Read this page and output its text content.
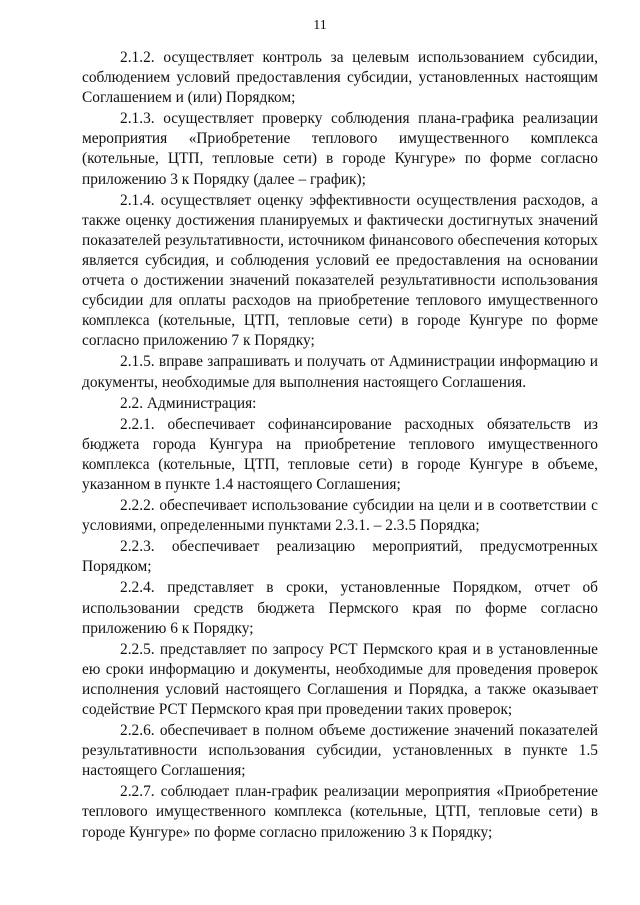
11

2.1.2. осуществляет контроль за целевым использованием субсидии, соблюдением условий предоставления субсидии, установленных настоящим Соглашением и (или) Порядком;

2.1.3. осуществляет проверку соблюдения плана-графика реализации мероприятия «Приобретение теплового имущественного комплекса (котельные, ЦТП, тепловые сети) в городе Кунгуре» по форме согласно приложению 3 к Порядку (далее – график);

2.1.4. осуществляет оценку эффективности осуществления расходов, а также оценку достижения планируемых и фактически достигнутых значений показателей результативности, источником финансового обеспечения которых является субсидия, и соблюдения условий ее предоставления на основании отчета о достижении значений показателей результативности использования субсидии для оплаты расходов на приобретение теплового имущественного комплекса (котельные, ЦТП, тепловые сети) в городе Кунгуре по форме согласно приложению 7 к Порядку;

2.1.5. вправе запрашивать и получать от Администрации информацию и документы, необходимые для выполнения настоящего Соглашения.

2.2. Администрация:

2.2.1. обеспечивает софинансирование расходных обязательств из бюджета города Кунгура на приобретение теплового имущественного комплекса (котельные, ЦТП, тепловые сети) в городе Кунгуре в объеме, указанном в пункте 1.4 настоящего Соглашения;

2.2.2. обеспечивает использование субсидии на цели и в соответствии с условиями, определенными пунктами 2.3.1. – 2.3.5 Порядка;

2.2.3. обеспечивает реализацию мероприятий, предусмотренных Порядком;

2.2.4. представляет в сроки, установленные Порядком, отчет об использовании средств бюджета Пермского края по форме согласно приложению 6 к Порядку;

2.2.5. представляет по запросу РСТ Пермского края и в установленные ею сроки информацию и документы, необходимые для проведения проверок исполнения условий настоящего Соглашения и Порядка, а также оказывает содействие РСТ Пермского края при проведении таких проверок;

2.2.6. обеспечивает в полном объеме достижение значений показателей результативности использования субсидии, установленных в пункте 1.5 настоящего Соглашения;

2.2.7. соблюдает план-график реализации мероприятия «Приобретение теплового имущественного комплекса (котельные, ЦТП, тепловые сети) в городе Кунгуре» по форме согласно приложению 3 к Порядку;
